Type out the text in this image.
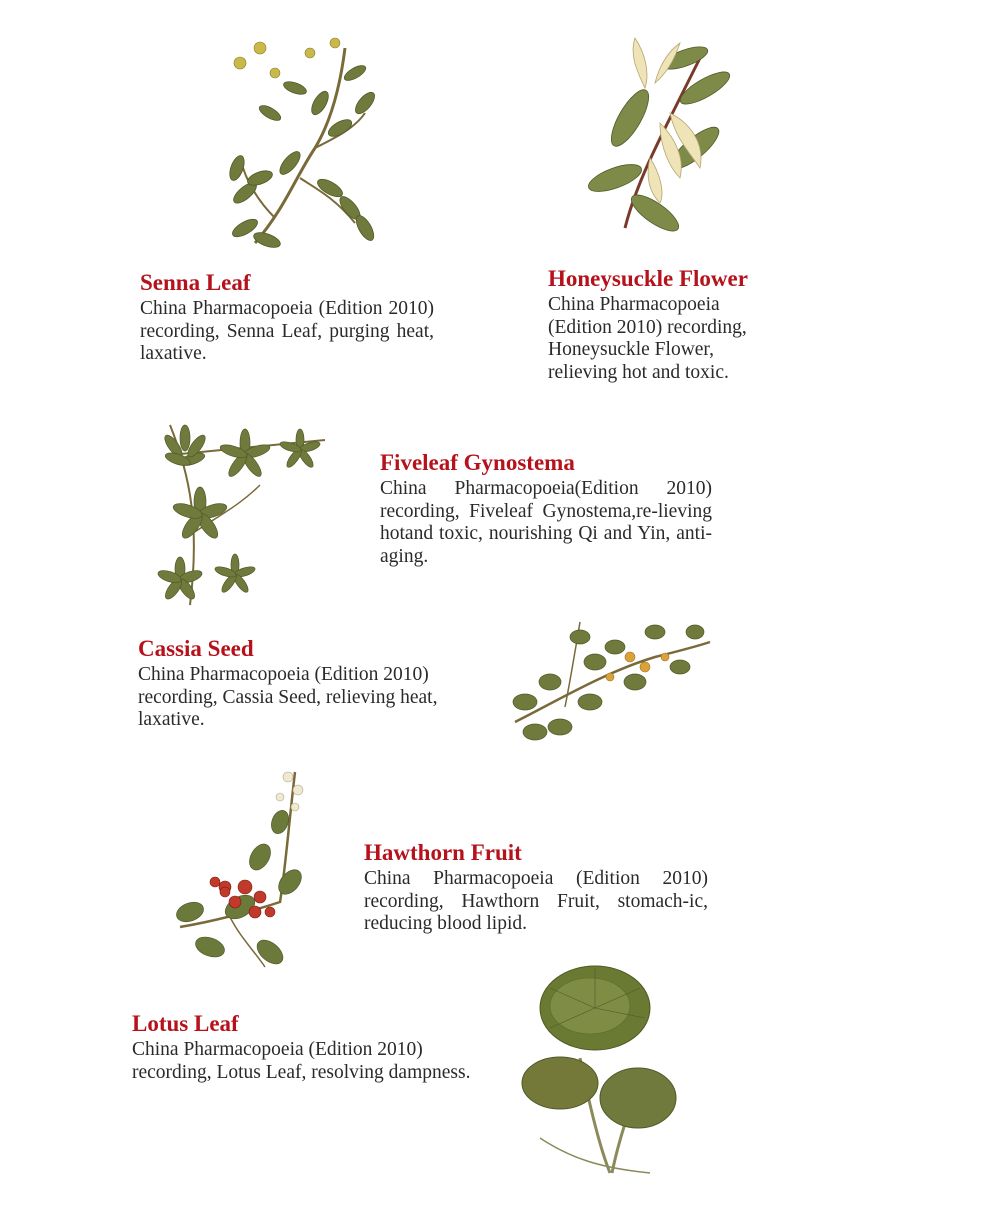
Senna Leaf

China Pharmacopoeia (Edition 2010) recording, Senna Leaf, purging heat, laxative.

Honeysuckle Flower

China Pharmacopoeia (Edition 2010) recording, Honeysuckle Flower, relieving hot and toxic.

Fiveleaf Gynostema

China Pharmacopoeia(Edition 2010) recording, Fiveleaf Gynostema,re-lieving hotand toxic, nourishing Qi and Yin, anti-aging.

Cassia Seed

China Pharmacopoeia (Edition 2010) recording, Cassia Seed, relieving heat, laxative.

Hawthorn Fruit

China Pharmacopoeia (Edition 2010) recording, Hawthorn Fruit, stomach-ic, reducing blood lipid.

Lotus Leaf

China Pharmacopoeia (Edition 2010) recording, Lotus Leaf, resolving dampness.
